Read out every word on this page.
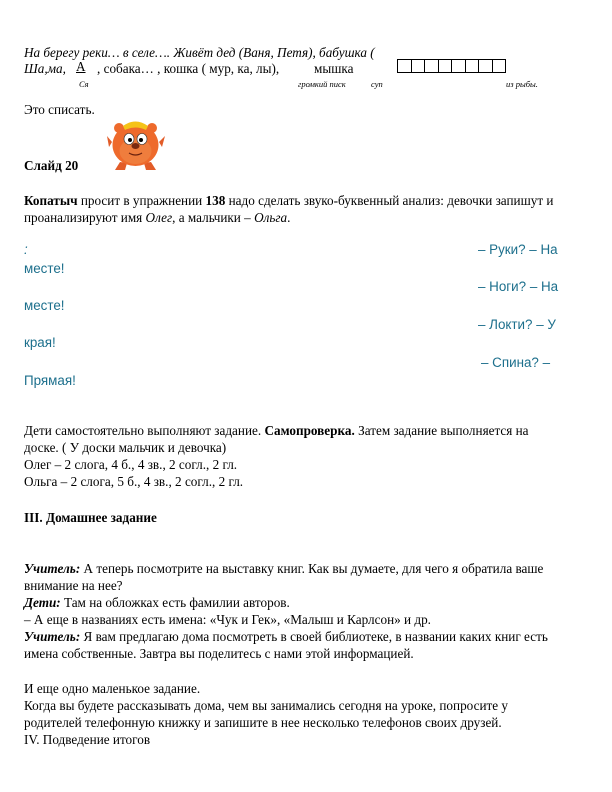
На берегу реки… в селе…. Живёт дед (Ваня, Петя), бабушка (
Ша,ма, А , собака… , кошка ( мур, ка, лы),	мышка
Ся	громкий писк	суп	из рыбы.
Это списать.
Слайд 20
Копатыч просит в упражнении 138 надо сделать звуко-буквенный анализ: девочки запишут и
проанализируют имя Олег, а мальчики – Ольга.
:	– Руки? – На
месте!
– Ноги? – На
месте!
– Локти? – У
края!
– Спина? –
Прямая!
Дети самостоятельно выполняют задание. Самопроверка. Затем задание выполняется на
доске. ( У доски мальчик и девочка)
Олег – 2 слога, 4 б., 4 зв., 2 согл., 2 гл.
Ольга – 2 слога, 5 б., 4 зв., 2 согл., 2 гл.
III. Домашнее задание
Учитель: А теперь посмотрите на выставку книг. Как вы думаете, для чего я обратила ваше
внимание на нее?
Дети: Там на обложках есть фамилии авторов.
– А еще в названиях есть имена: «Чук и Гек», «Малыш и Карлсон» и др.
Учитель: Я вам предлагаю дома посмотреть в своей библиотеке, в названии каких книг есть
имена собственные. Завтра вы поделитесь с нами этой информацией.
И еще одно маленькое задание.
Когда вы будете рассказывать дома, чем вы занимались сегодня на уроке, попросите у
родителей телефонную книжку и запишите в нее несколько телефонов своих друзей.
IV. Подведение итогов
